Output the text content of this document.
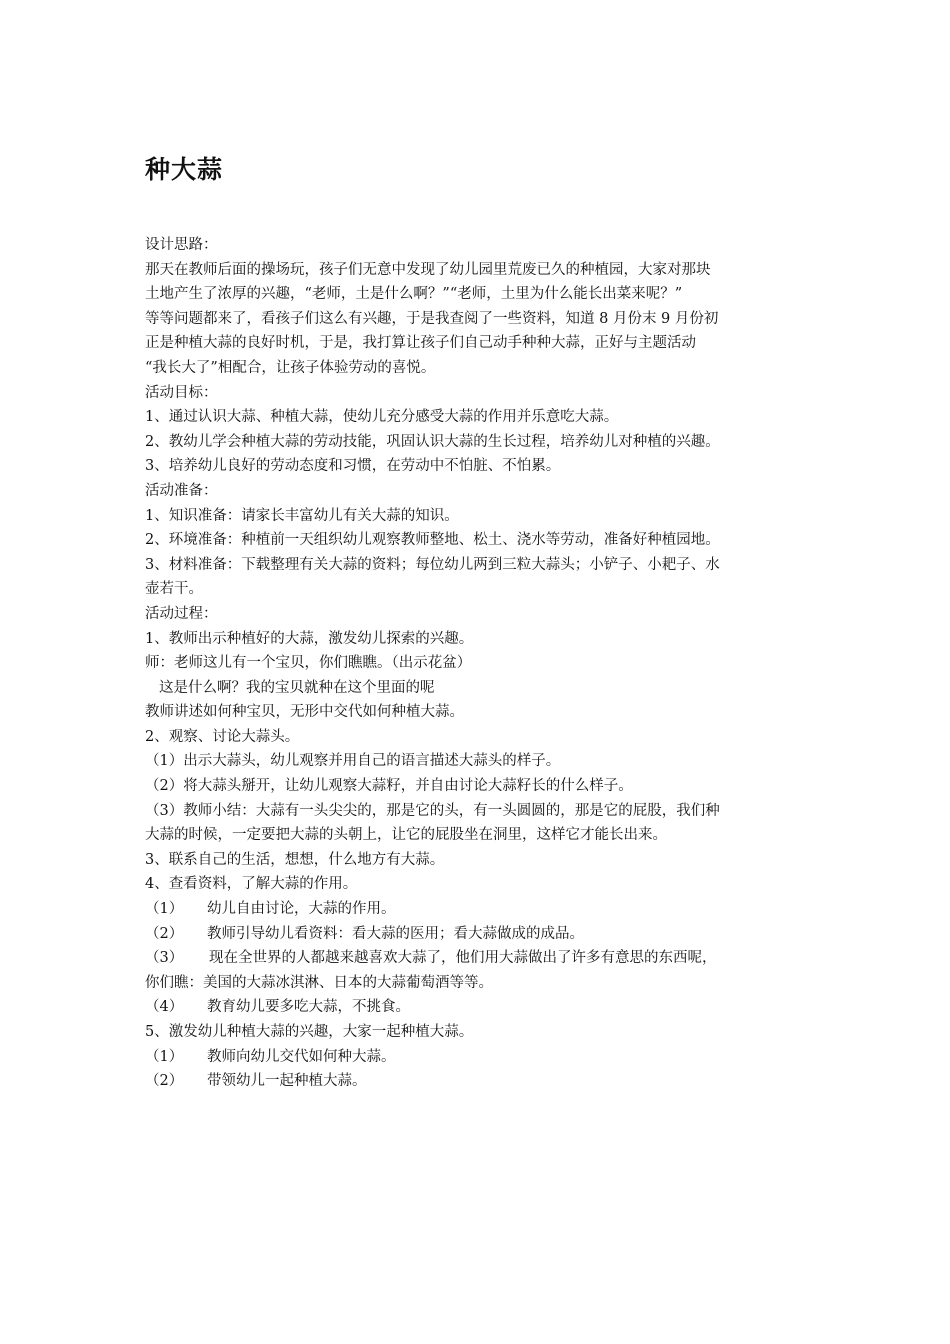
种大蒜
设计思路：
那天在教师后面的操场玩，孩子们无意中发现了幼儿园里荒废已久的种植园，大家对那块
土地产生了浓厚的兴趣，“老师，土是什么啊？”“老师，土里为什么能长出菜来呢？”
等等问题都来了，看孩子们这么有兴趣，于是我查阅了一些资料，知道 8 月份末 9 月份初
正是种植大蒜的良好时机，于是，我打算让孩子们自己动手种种大蒜，正好与主题活动
“我长大了”相配合，让孩子体验劳动的喜悦。
活动目标：
1、通过认识大蒜、种植大蒜，使幼儿充分感受大蒜的作用并乐意吃大蒜。
2、教幼儿学会种植大蒜的劳动技能，巩固认识大蒜的生长过程，培养幼儿对种植的兴趣。
3、培养幼儿良好的劳动态度和习惯，在劳动中不怕脏、不怕累。
活动准备：
1、知识准备：请家长丰富幼儿有关大蒜的知识。
2、环境准备：种植前一天组织幼儿观察教师整地、松土、浇水等劳动，准备好种植园地。
3、材料准备：下载整理有关大蒜的资料；每位幼儿两到三粒大蒜头；小铲子、小耙子、水
壶若干。
活动过程：
1、教师出示种植好的大蒜，激发幼儿探索的兴趣。
师：老师这儿有一个宝贝，你们瞧瞧。（出示花盆）
这是什么啊？我的宝贝就种在这个里面的呢
教师讲述如何种宝贝，无形中交代如何种植大蒜。
2、观察、讨论大蒜头。
（1）出示大蒜头，幼儿观察并用自己的语言描述大蒜头的样子。
（2）将大蒜头掰开，让幼儿观察大蒜籽，并自由讨论大蒜籽长的什么样子。
（3）教师小结：大蒜有一头尖尖的，那是它的头，有一头圆圆的，那是它的屁股，我们种
大蒜的时候，一定要把大蒜的头朝上，让它的屁股坐在洞里，这样它才能长出来。
3、联系自己的生活，想想，什么地方有大蒜。
4、查看资料，了解大蒜的作用。
（1） 幼儿自由讨论，大蒜的作用。
（2） 教师引导幼儿看资料：看大蒜的医用；看大蒜做成的成品。
（3） 现在全世界的人都越来越喜欢大蒜了，他们用大蒜做出了许多有意思的东西呢，
你们瞧：美国的大蒜冰淇淋、日本的大蒜葡萄酒等等。
（4） 教育幼儿要多吃大蒜，不挑食。
5、激发幼儿种植大蒜的兴趣，大家一起种植大蒜。
（1） 教师向幼儿交代如何种大蒜。
（2） 带领幼儿一起种植大蒜。
